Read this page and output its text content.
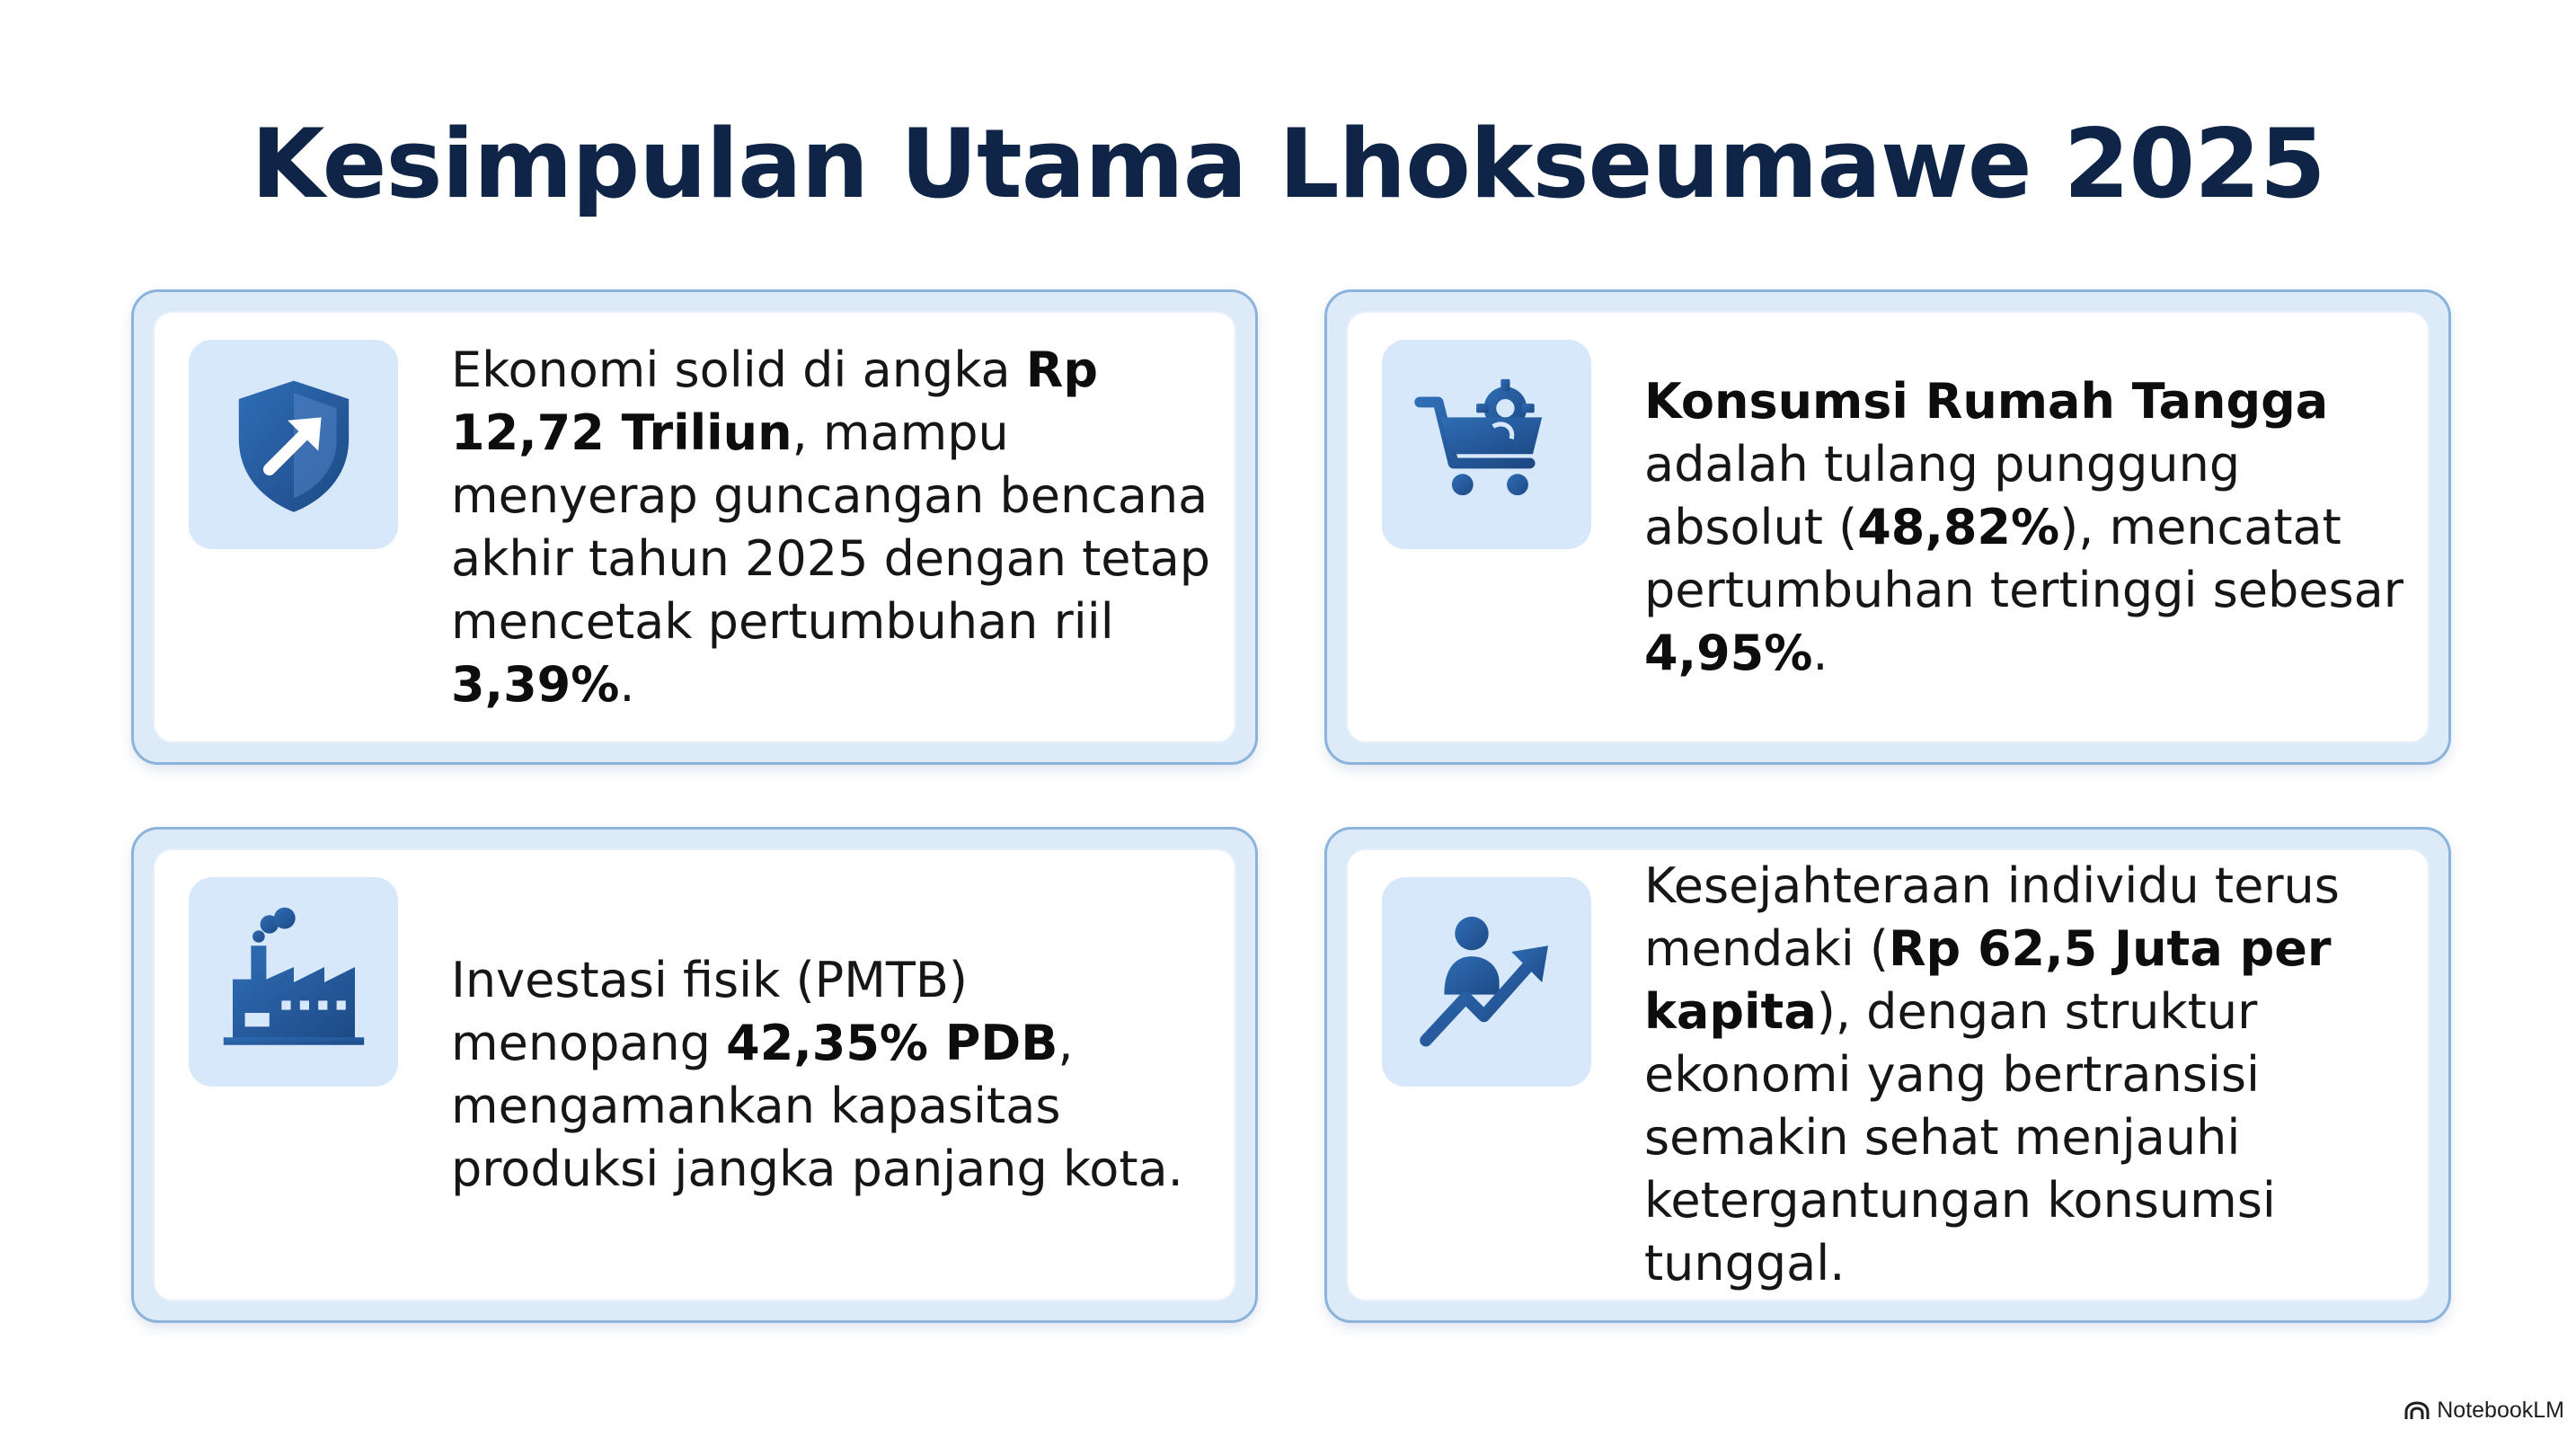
Kesimpulan Utama Lhokseumawe 2025

Ekonomi solid di angka Rp 12,72 Triliun, mampu menyerap guncangan bencana akhir tahun 2025 dengan tetap mencetak pertumbuhan riil 3,39%.

Konsumsi Rumah Tangga adalah tulang punggung absolut (48,82%), mencatat pertumbuhan tertinggi sebesar 4,95%.

Investasi fisik (PMTB) menopang 42,35% PDB, mengamankan kapasitas produksi jangka panjang kota.

Kesejahteraan individu terus mendaki (Rp 62,5 Juta per kapita), dengan struktur ekonomi yang bertransisi semakin sehat menjauhi ketergantungan konsumsi tunggal.

NotebookLM
